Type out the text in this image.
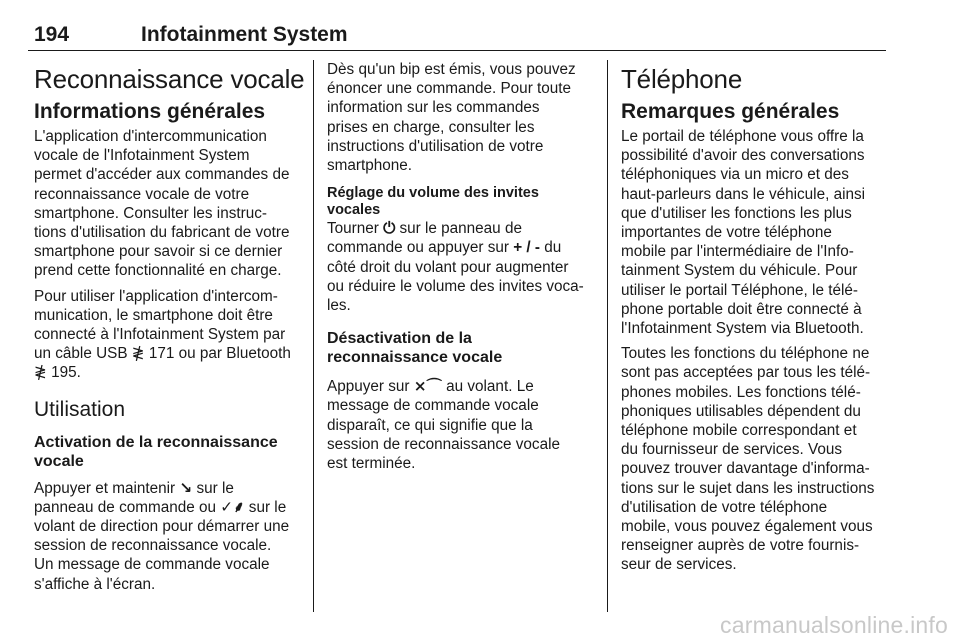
194	Infotainment System
Reconnaissance vocale
Informations générales

L'application d'intercommunication
vocale de l'Infotainment System
permet d'accéder aux commandes de
reconnaissance vocale de votre
smartphone. Consulter les instruc-
tions d'utilisation du fabricant de votre
smartphone pour savoir si ce dernier
prend cette fonctionnalité en charge.

Pour utiliser l'application d'intercom-
munication, le smartphone doit être
connecté à l'Infotainment System par
un câble USB ≹ 171 ou par Bluetooth
≹ 195.

Utilisation
Activation de la reconnaissance
vocale

Appuyer et maintenir ↘ sur le
panneau de commande ou ✓⸙ sur le
volant de direction pour démarrer une
session de reconnaissance vocale.
Un message de commande vocale
s'affiche à l'écran.

Dès qu'un bip est émis, vous pouvez
énoncer une commande. Pour toute
information sur les commandes
prises en charge, consulter les
instructions d'utilisation de votre
smartphone.

Réglage du volume des invites
vocales

Tourner ⏻ sur le panneau de
commande ou appuyer sur + / - du
côté droit du volant pour augmenter
ou réduire le volume des invites voca-
les.

Désactivation de la
reconnaissance vocale

Appuyer sur ⨯⌒ au volant. Le
message de commande vocale
disparaît, ce qui signifie que la
session de reconnaissance vocale
est terminée.

Téléphone
Remarques générales

Le portail de téléphone vous offre la
possibilité d'avoir des conversations
téléphoniques via un micro et des
haut-parleurs dans le véhicule, ainsi
que d'utiliser les fonctions les plus
importantes de votre téléphone
mobile par l'intermédiaire de l'Info-
tainment System du véhicule. Pour
utiliser le portail Téléphone, le télé-
phone portable doit être connecté à
l'Infotainment System via Bluetooth.

Toutes les fonctions du téléphone ne
sont pas acceptées par tous les télé-
phones mobiles. Les fonctions télé-
phoniques utilisables dépendent du
téléphone mobile correspondant et
du fournisseur de services. Vous
pouvez trouver davantage d'informa-
tions sur le sujet dans les instructions
d'utilisation de votre téléphone
mobile, vous pouvez également vous
renseigner auprès de votre fournis-
seur de services.

carmanualsonline.info
